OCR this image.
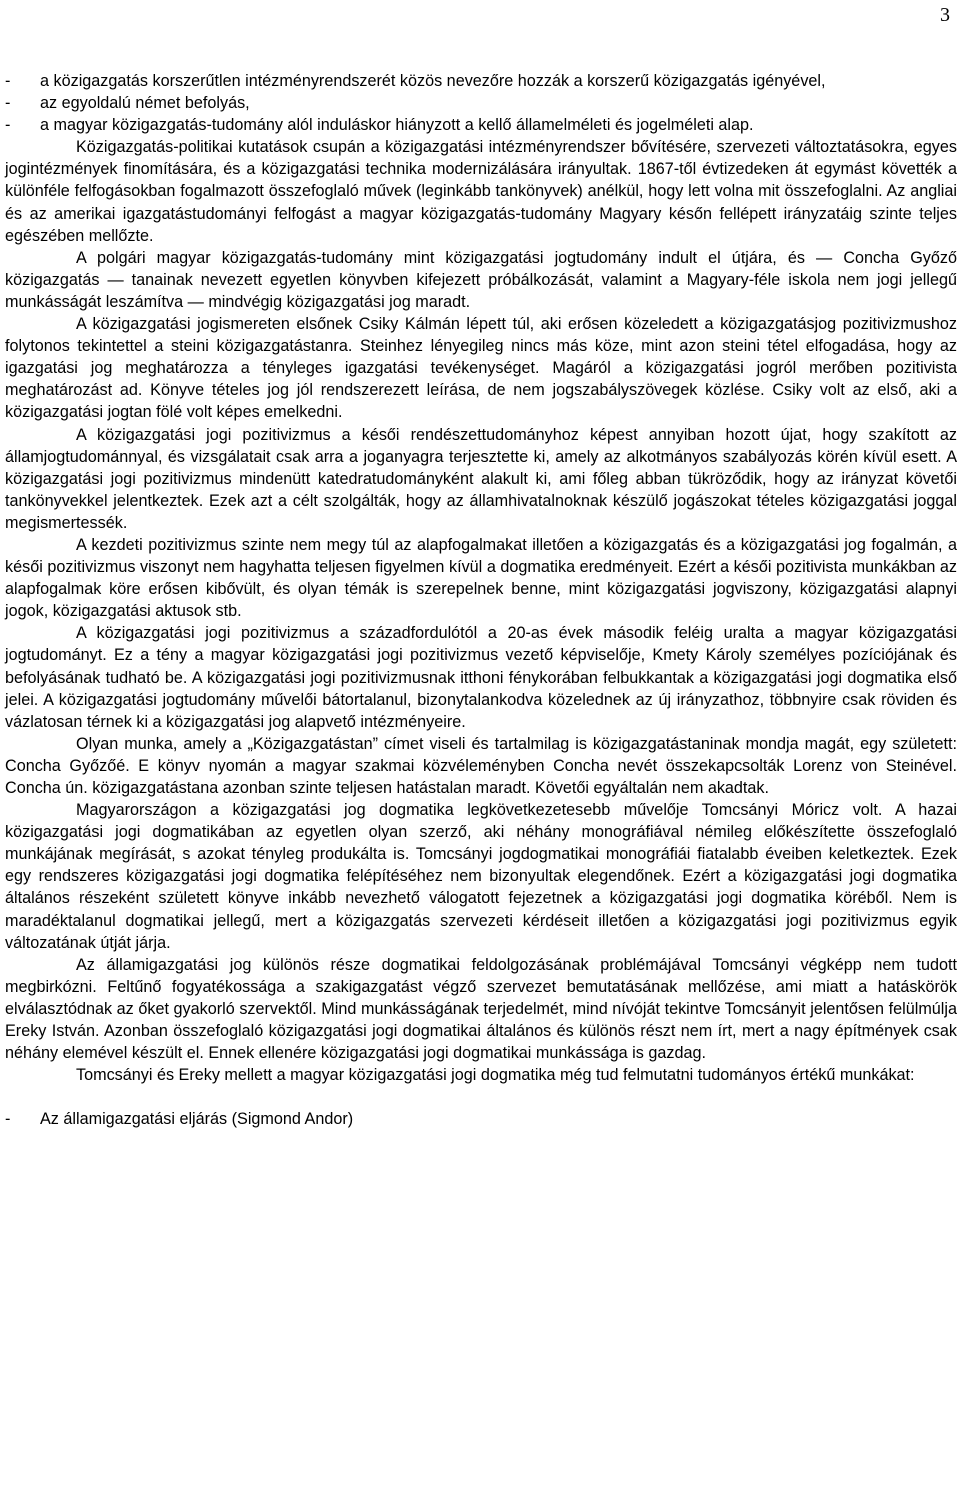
3
- a közigazgatás korszerűtlen intézményrendszerét közös nevezőre hozzák a korszerű közigazgatás igényével,
- az egyoldalú német befolyás,
- a magyar közigazgatás-tudomány alól induláskor hiányzott a kellő államelméleti és jogelméleti alap.

Közigazgatás-politikai kutatások csupán a közigazgatási intézményrendszer bővítésére, szervezeti változtatásokra, egyes jogintézmények finomítására, és a közigazgatási technika modernizálására irányultak. 1867-től évtizedeken át egymást követték a különféle felfogásokban fogalmazott összefoglaló művek (leginkább tankönyvek) anélkül, hogy lett volna mit összefoglalni. Az angliai és az amerikai igazgatástudományi felfogást a magyar közigazgatás-tudomány Magyary későn fellépett irányzatáig szinte teljes egészében mellőzte.

A polgári magyar közigazgatás-tudomány mint közigazgatási jogtudomány indult el útjára, és — Concha Győző közigazgatás — tanainak nevezett egyetlen könyvben kifejezett próbálkozását, valamint a Magyary-féle iskola nem jogi jellegű munkásságát leszámítva — mindvégig közigazgatási jog maradt.

A közigazgatási jogismereten elsőnek Csiky Kálmán lépett túl, aki erősen közeledett a közigazgatásjog pozitivizmushoz folytonos tekintettel a steini közigazgatástanra. Steinhez lényegileg nincs más köze, mint azon steini tétel elfogadása, hogy az igazgatási jog meghatározza a tényleges igazgatási tevékenységet. Magáról a közigazgatási jogról merőben pozitivista meghatározást ad. Könyve tételes jog jól rendszerezett leírása, de nem jogszabályszövegek közlése. Csiky volt az első, aki a közigazgatási jogtan fölé volt képes emelkedni.

A közigazgatási jogi pozitivizmus a késői rendészettudományhoz képest annyiban hozott újat, hogy szakított az államjogtudománnyal, és vizsgálatait csak arra a joganyagra terjesztette ki, amely az alkotmányos szabályozás körén kívül esett. A közigazgatási jogi pozitivizmus mindenütt katedratudományként alakult ki, ami főleg abban tükröződik, hogy az irányzat követői tankönyvekkel jelentkeztek. Ezek azt a célt szolgálták, hogy az államhivatalnoknak készülő jogászokat tételes közigazgatási joggal megismertessék.

A kezdeti pozitivizmus szinte nem megy túl az alapfogalmakat illetően a közigazgatás és a közigazgatási jog fogalmán, a késői pozitivizmus viszonyt nem hagyhatta teljesen figyelmen kívül a dogmatika eredményeit. Ezért a késői pozitivista munkákban az alapfogalmak köre erősen kibővült, és olyan témák is szerepelnek benne, mint közigazgatási jogviszony, közigazgatási alapnyi jogok, közigazgatási aktusok stb.

A közigazgatási jogi pozitivizmus a századfordulótól a 20-as évek második feléig uralta a magyar közigazgatási jogtudományt. Ez a tény a magyar közigazgatási jogi pozitivizmus vezető képviselője, Kmety Károly személyes pozíciójának és befolyásának tudható be. A közigazgatási jogi pozitivizmusnak itthoni fénykorában felbukkantak a közigazgatási jogi dogmatika első jelei. A közigazgatási jogtudomány művelői bátortalanul, bizonytalankodva közelednek az új irányzathoz, többnyire csak röviden és vázlatosan térnek ki a közigazgatási jog alapvető intézményeire.

Olyan munka, amely a „Közigazgatástan” címet viseli és tartalmilag is közigazgatástaninak mondja magát, egy született: Concha Győzőé. E könyv nyomán a magyar szakmai közvéleményben Concha nevét összekapcsolták Lorenz von Steinével. Concha ún. közigazgatástana azonban szinte teljesen hatástalan maradt. Követői egyáltalán nem akadtak.

Magyarországon a közigazgatási jog dogmatika legkövetkezetesebb művelője Tomcsányi Móricz volt. A hazai közigazgatási jogi dogmatikában az egyetlen olyan szerző, aki néhány monográfiával némileg előkészítette összefoglaló munkájának megírását, s azokat tényleg produkálta is. Tomcsányi jogdogmatikai monográfiái fiatalabb éveiben keletkeztek. Ezek egy rendszeres közigazgatási jogi dogmatika felépítéséhez nem bizonyultak elegendőnek. Ezért a közigazgatási jogi dogmatika általános részeként született könyve inkább nevezhető válogatott fejezetnek a közigazgatási jogi dogmatika köréből. Nem is maradéktalanul dogmatikai jellegű, mert a közigazgatás szervezeti kérdéseit illetően a közigazgatási jogi pozitivizmus egyik változatának útját járja.

Az államigazgatási jog különös része dogmatikai feldolgozásának problémájával Tomcsányi végképp nem tudott megbirkózni. Feltűnő fogyatékossága a szakigazgatást végző szervezet bemutatásának mellőzése, ami miatt a hatáskörök elválasztódnak az őket gyakorló szervektől. Mind munkásságának terjedelmét, mind nívóját tekintve Tomcsányit jelentősen felülmúlja Ereky István. Azonban összefoglaló közigazgatási jogi dogmatikai általános és különös részt nem írt, mert a nagy építmények csak néhány elemével készült el. Ennek ellenére közigazgatási jogi dogmatikai munkássága is gazdag.

Tomcsányi és Ereky mellett a magyar közigazgatási jogi dogmatika még tud felmutatni tudományos értékű munkákat:

- Az államigazgatási eljárás (Sigmond Andor)
